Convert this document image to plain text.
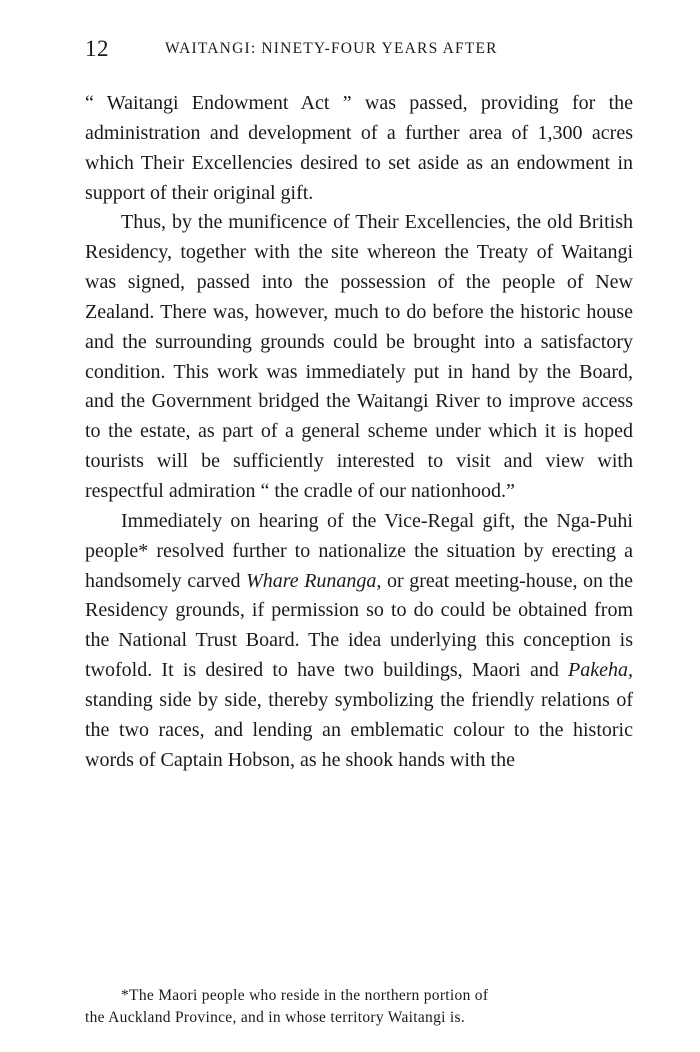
12	WAITANGI: NINETY-FOUR YEARS AFTER

“ Waitangi Endowment Act ” was passed, providing for the administration and development of a further area of 1,300 acres which Their Excellencies desired to set aside as an endowment in support of their original gift.

Thus, by the munificence of Their Excellencies, the old British Residency, together with the site whereon the Treaty of Waitangi was signed, passed into the possession of the people of New Zealand. There was, however, much to do before the historic house and the surrounding grounds could be brought into a satisfactory condition. This work was immediately put in hand by the Board, and the Government bridged the Waitangi River to improve access to the estate, as part of a general scheme under which it is hoped tourists will be sufficiently interested to visit and view with respectful admiration “ the cradle of our nationhood.”

Immediately on hearing of the Vice-Regal gift, the Nga-Puhi people* resolved further to nationalize the situation by erecting a handsomely carved Whare Runanga, or great meeting-house, on the Residency grounds, if permission so to do could be obtained from the National Trust Board. The idea underlying this conception is twofold. It is desired to have two buildings, Maori and Pakeha, standing side by side, thereby symbolizing the friendly relations of the two races, and lending an emblematic colour to the historic words of Captain Hobson, as he shook hands with the

*The Maori people who reside in the northern portion of
the Auckland Province, and in whose territory Waitangi is.
